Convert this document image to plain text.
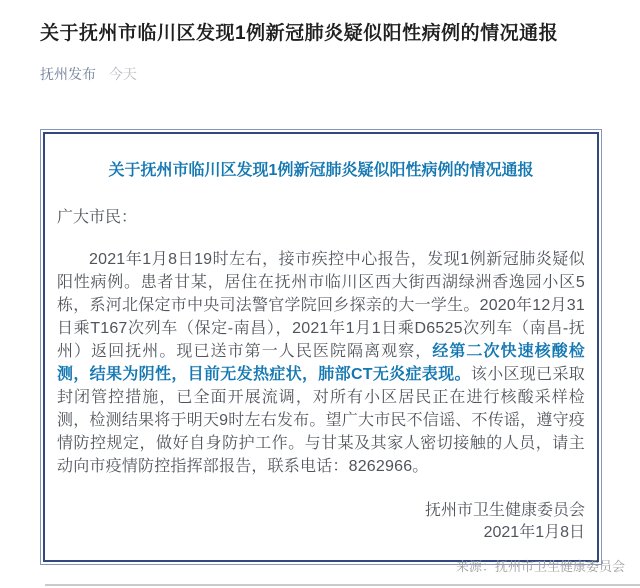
关于抚州市临川区发现1例新冠肺炎疑似阳性病例的情况通报
抚州发布 今天
关于抚州市临川区发现1例新冠肺炎疑似阳性病例的情况通报

广大市民：

2021年1月8日19时左右，接市疾控中心报告，发现1例新冠肺炎疑似阳性病例。患者甘某，居住在抚州市临川区西大街西湖绿洲香逸园小区5栋，系河北保定市中央司法警官学院回乡探亲的大一学生。2020年12月31日乘T167次列车（保定-南昌），2021年1月1日乘D6525次列车（南昌-抚州）返回抚州。现已送市第一人民医院隔离观察，经第二次快速核酸检测，结果为阴性，目前无发热症状，肺部CT无炎症表现。该小区现已采取封闭管控措施，已全面开展流调，对所有小区居民正在进行核酸采样检测，检测结果将于明天9时左右发布。望广大市民不信谣、不传谣，遵守疫情防控规定，做好自身防护工作。与甘某及其家人密切接触的人员，请主动向市疫情防控指挥部报告，联系电话：8262966。

抚州市卫生健康委员会

2021年1月8日

来源：抚州市卫生健康委员会
